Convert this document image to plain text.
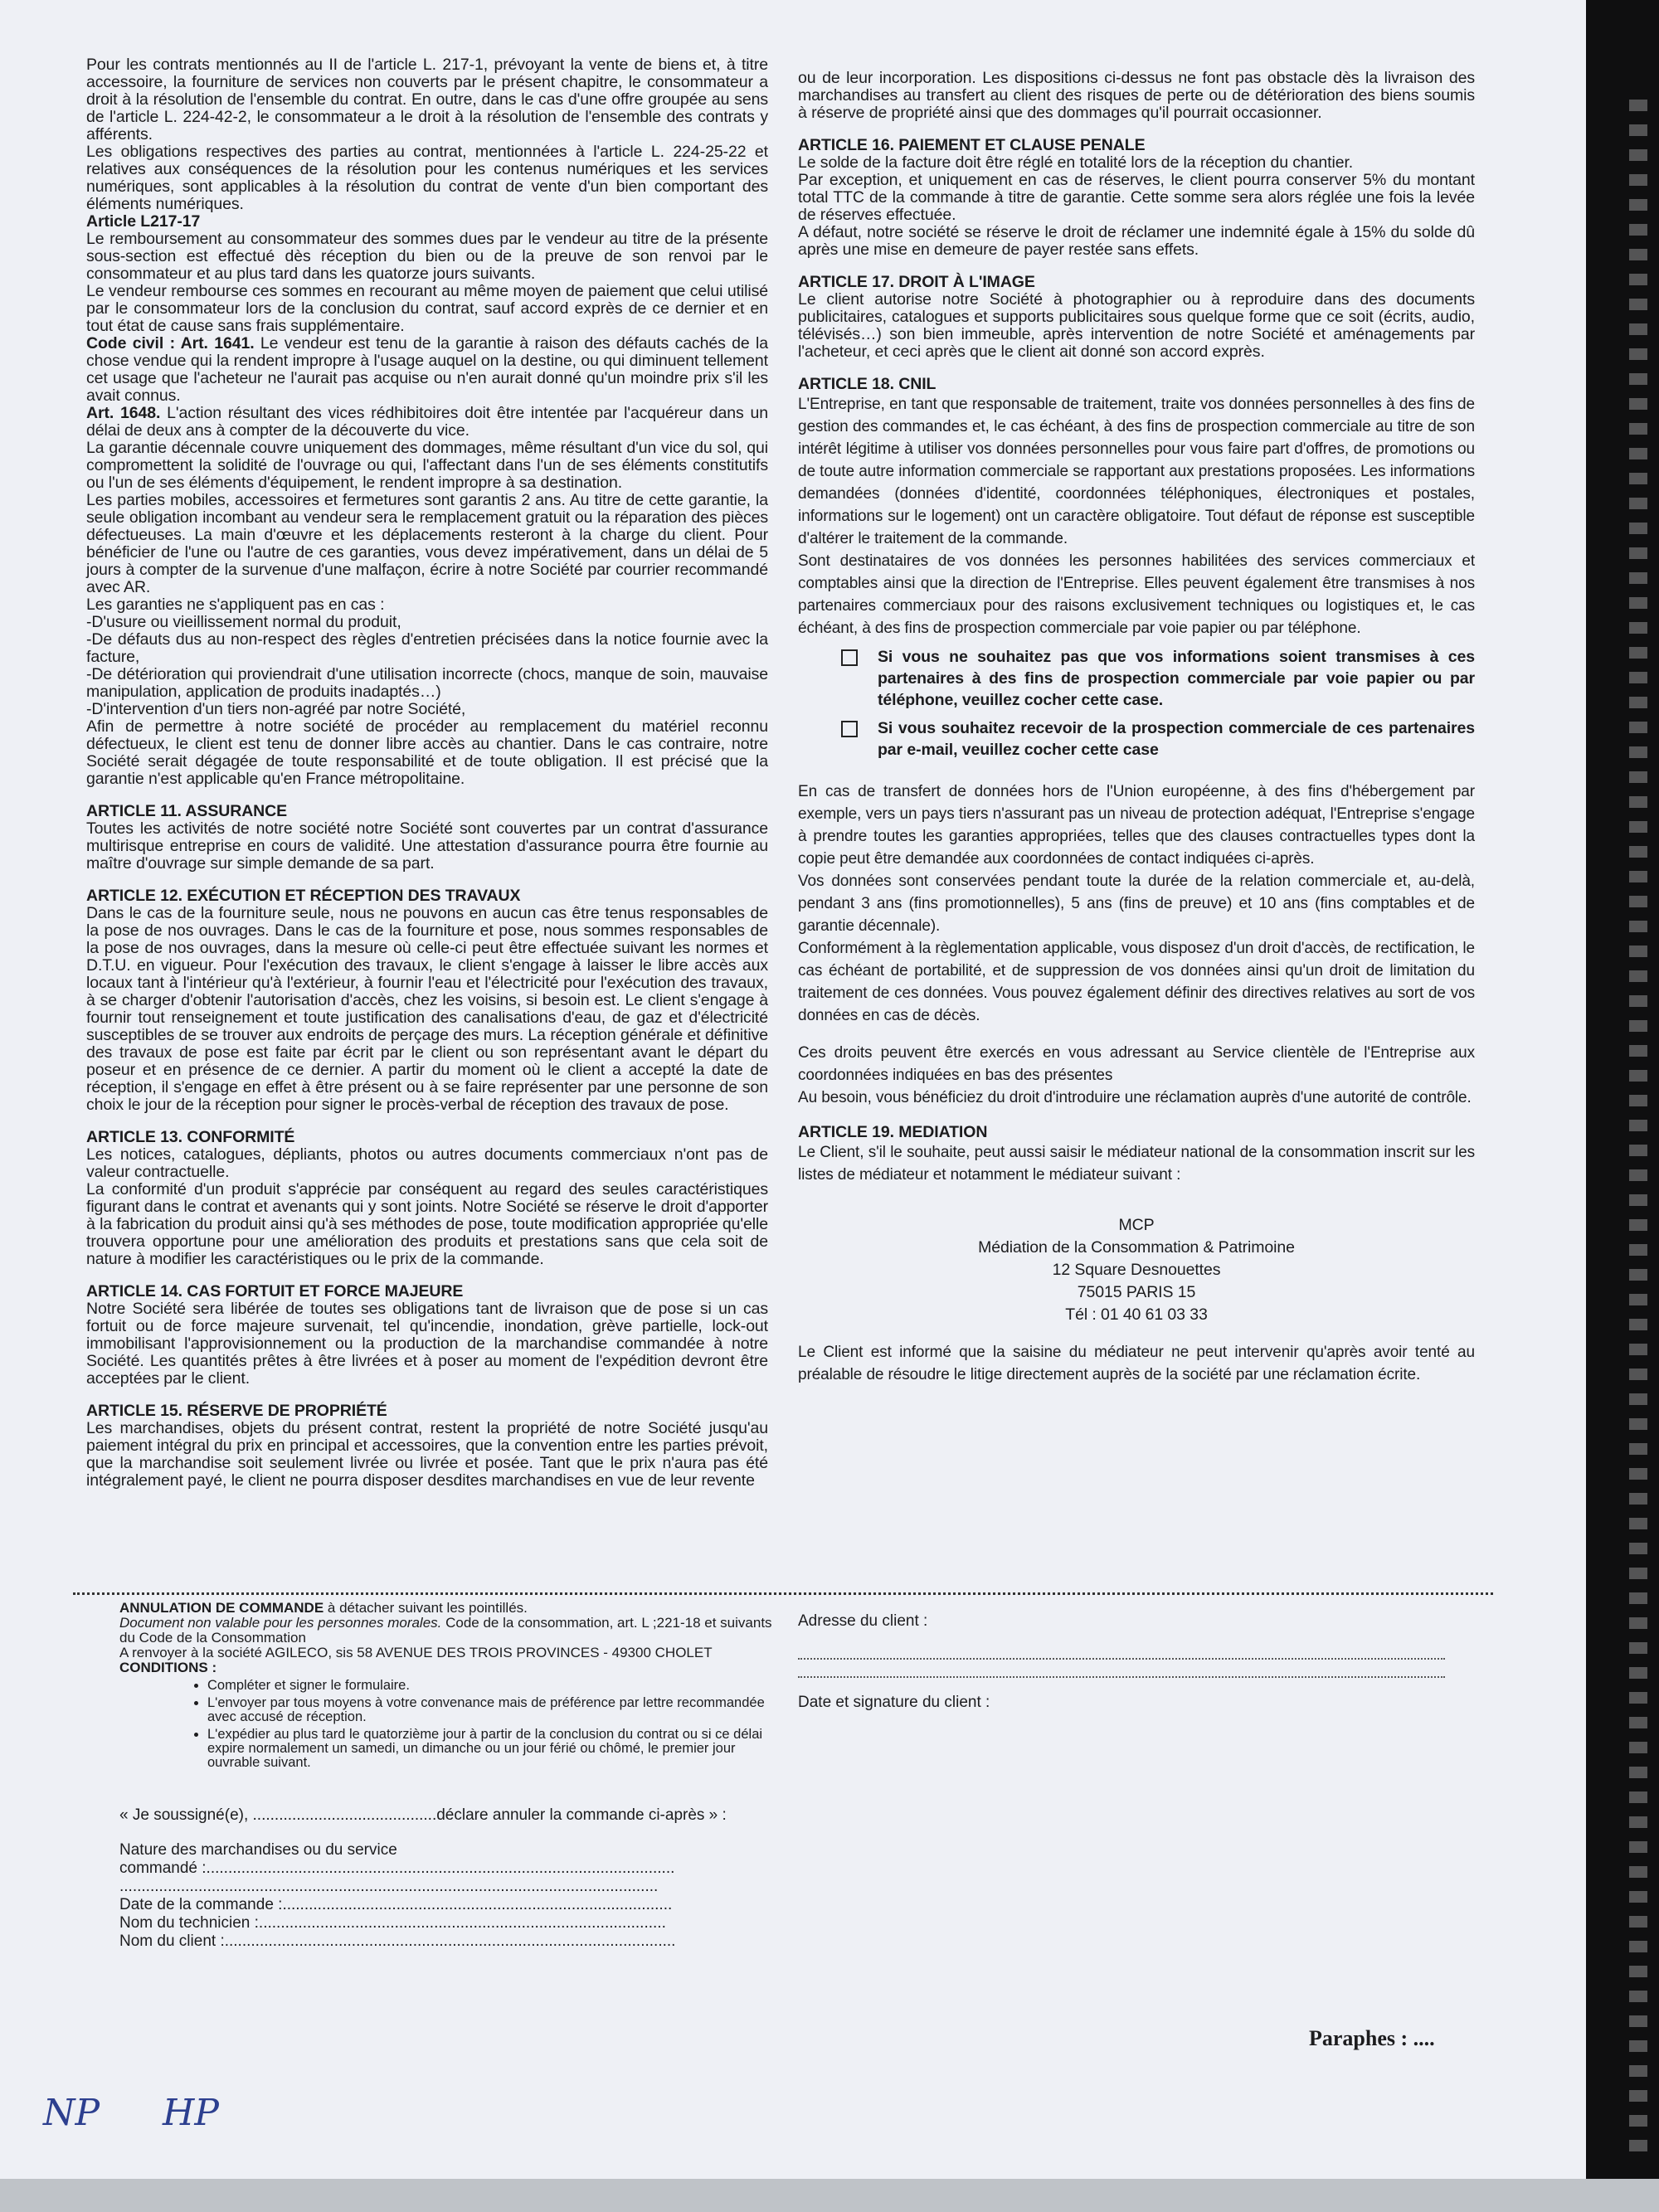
Pour les contrats mentionnés au II de l'article L. 217-1, prévoyant la vente de biens et, à titre accessoire, la fourniture de services non couverts par le présent chapitre, le consommateur a droit à la résolution de l'ensemble du contrat. En outre, dans le cas d'une offre groupée au sens de l'article L. 224-42-2, le consommateur a le droit à la résolution de l'ensemble des contrats y afférents.

Les obligations respectives des parties au contrat, mentionnées à l'article L. 224-25-22 et relatives aux conséquences de la résolution pour les contenus numériques et les services numériques, sont applicables à la résolution du contrat de vente d'un bien comportant des éléments numériques.

Article L217-17

Le remboursement au consommateur des sommes dues par le vendeur au titre de la présente sous-section est effectué dès réception du bien ou de la preuve de son renvoi par le consommateur et au plus tard dans les quatorze jours suivants.

Le vendeur rembourse ces sommes en recourant au même moyen de paiement que celui utilisé par le consommateur lors de la conclusion du contrat, sauf accord exprès de ce dernier et en tout état de cause sans frais supplémentaire.

Code civil : Art. 1641. Le vendeur est tenu de la garantie à raison des défauts cachés de la chose vendue qui la rendent impropre à l'usage auquel on la destine, ou qui diminuent tellement cet usage que l'acheteur ne l'aurait pas acquise ou n'en aurait donné qu'un moindre prix s'il les avait connus.

Art. 1648. L'action résultant des vices rédhibitoires doit être intentée par l'acquéreur dans un délai de deux ans à compter de la découverte du vice.

La garantie décennale couvre uniquement des dommages, même résultant d'un vice du sol, qui compromettent la solidité de l'ouvrage ou qui, l'affectant dans l'un de ses éléments constitutifs ou l'un de ses éléments d'équipement, le rendent impropre à sa destination.

Les parties mobiles, accessoires et fermetures sont garantis 2 ans. Au titre de cette garantie, la seule obligation incombant au vendeur sera le remplacement gratuit ou la réparation des pièces défectueuses. La main d'œuvre et les déplacements resteront à la charge du client. Pour bénéficier de l'une ou l'autre de ces garanties, vous devez impérativement, dans un délai de 5 jours à compter de la survenue d'une malfaçon, écrire à notre Société par courrier recommandé avec AR.

Les garanties ne s'appliquent pas en cas :

-D'usure ou vieillissement normal du produit,

-De défauts dus au non-respect des règles d'entretien précisées dans la notice fournie avec la facture,

-De détérioration qui proviendrait d'une utilisation incorrecte (chocs, manque de soin, mauvaise manipulation, application de produits inadaptés…)

-D'intervention d'un tiers non-agréé par notre Société,

Afin de permettre à notre société de procéder au remplacement du matériel reconnu défectueux, le client est tenu de donner libre accès au chantier. Dans le cas contraire, notre Société serait dégagée de toute responsabilité et de toute obligation. Il est précisé que la garantie n'est applicable qu'en France métropolitaine.

ARTICLE 11. ASSURANCE

Toutes les activités de notre société notre Société sont couvertes par un contrat d'assurance multirisque entreprise en cours de validité. Une attestation d'assurance pourra être fournie au maître d'ouvrage sur simple demande de sa part.

ARTICLE 12. EXÉCUTION ET RÉCEPTION DES TRAVAUX

Dans le cas de la fourniture seule, nous ne pouvons en aucun cas être tenus responsables de la pose de nos ouvrages. Dans le cas de la fourniture et pose, nous sommes responsables de la pose de nos ouvrages, dans la mesure où celle-ci peut être effectuée suivant les normes et D.T.U. en vigueur. Pour l'exécution des travaux, le client s'engage à laisser le libre accès aux locaux tant à l'intérieur qu'à l'extérieur, à fournir l'eau et l'électricité pour l'exécution des travaux, à se charger d'obtenir l'autorisation d'accès, chez les voisins, si besoin est. Le client s'engage à fournir tout renseignement et toute justification des canalisations d'eau, de gaz et d'électricité susceptibles de se trouver aux endroits de perçage des murs. La réception générale et définitive des travaux de pose est faite par écrit par le client ou son représentant avant le départ du poseur et en présence de ce dernier. A partir du moment où le client a accepté la date de réception, il s'engage en effet à être présent ou à se faire représenter par une personne de son choix le jour de la réception pour signer le procès-verbal de réception des travaux de pose.

ARTICLE 13. CONFORMITÉ

Les notices, catalogues, dépliants, photos ou autres documents commerciaux n'ont pas de valeur contractuelle.

La conformité d'un produit s'apprécie par conséquent au regard des seules caractéristiques figurant dans le contrat et avenants qui y sont joints. Notre Société se réserve le droit d'apporter à la fabrication du produit ainsi qu'à ses méthodes de pose, toute modification appropriée qu'elle trouvera opportune pour une amélioration des produits et prestations sans que cela soit de nature à modifier les caractéristiques ou le prix de la commande.

ARTICLE 14. CAS FORTUIT ET FORCE MAJEURE

Notre Société sera libérée de toutes ses obligations tant de livraison que de pose si un cas fortuit ou de force majeure survenait, tel qu'incendie, inondation, grève partielle, lock-out immobilisant l'approvisionnement ou la production de la marchandise commandée à notre Société. Les quantités prêtes à être livrées et à poser au moment de l'expédition devront être acceptées par le client.

ARTICLE 15. RÉSERVE DE PROPRIÉTÉ

Les marchandises, objets du présent contrat, restent la propriété de notre Société jusqu'au paiement intégral du prix en principal et accessoires, que la convention entre les parties prévoit, que la marchandise soit seulement livrée ou livrée et posée. Tant que le prix n'aura pas été intégralement payé, le client ne pourra disposer desdites marchandises en vue de leur revente

ou de leur incorporation. Les dispositions ci-dessus ne font pas obstacle dès la livraison des marchandises au transfert au client des risques de perte ou de détérioration des biens soumis à réserve de propriété ainsi que des dommages qu'il pourrait occasionner.

ARTICLE 16. PAIEMENT ET CLAUSE PENALE

Le solde de la facture doit être réglé en totalité lors de la réception du chantier.

Par exception, et uniquement en cas de réserves, le client pourra conserver 5% du montant total TTC de la commande à titre de garantie. Cette somme sera alors réglée une fois la levée de réserves effectuée.

A défaut, notre société se réserve le droit de réclamer une indemnité égale à 15% du solde dû après une mise en demeure de payer restée sans effets.

ARTICLE 17. DROIT À L'IMAGE

Le client autorise notre Société à photographier ou à reproduire dans des documents publicitaires, catalogues et supports publicitaires sous quelque forme que ce soit (écrits, audio, télévisés…) son bien immeuble, après intervention de notre Société et aménagements par l'acheteur, et ceci après que le client ait donné son accord exprès.

ARTICLE 18. CNIL

L'Entreprise, en tant que responsable de traitement, traite vos données personnelles à des fins de gestion des commandes et, le cas échéant, à des fins de prospection commerciale au titre de son intérêt légitime à utiliser vos données personnelles pour vous faire part d'offres, de promotions ou de toute autre information commerciale se rapportant aux prestations proposées. Les informations demandées (données d'identité, coordonnées téléphoniques, électroniques et postales, informations sur le logement) ont un caractère obligatoire. Tout défaut de réponse est susceptible d'altérer le traitement de la commande.

Sont destinataires de vos données les personnes habilitées des services commerciaux et comptables ainsi que la direction de l'Entreprise. Elles peuvent également être transmises à nos partenaires commerciaux pour des raisons exclusivement techniques ou logistiques et, le cas échéant, à des fins de prospection commerciale par voie papier ou par téléphone.

Si vous ne souhaitez pas que vos informations soient transmises à ces partenaires à des fins de prospection commerciale par voie papier ou par téléphone, veuillez cocher cette case.
Si vous souhaitez recevoir de la prospection commerciale de ces partenaires par e-mail, veuillez cocher cette case

En cas de transfert de données hors de l'Union européenne, à des fins d'hébergement par exemple, vers un pays tiers n'assurant pas un niveau de protection adéquat, l'Entreprise s'engage à prendre toutes les garanties appropriées, telles que des clauses contractuelles types dont la copie peut être demandée aux coordonnées de contact indiquées ci-après.

Vos données sont conservées pendant toute la durée de la relation commerciale et, au-delà, pendant 3 ans (fins promotionnelles), 5 ans (fins de preuve) et 10 ans (fins comptables et de garantie décennale).

Conformément à la règlementation applicable, vous disposez d'un droit d'accès, de rectification, le cas échéant de portabilité, et de suppression de vos données ainsi qu'un droit de limitation du traitement de ces données. Vous pouvez également définir des directives relatives au sort de vos données en cas de décès.

Ces droits peuvent être exercés en vous adressant au Service clientèle de l'Entreprise aux coordonnées indiquées en bas des présentes

Au besoin, vous bénéficiez du droit d'introduire une réclamation auprès d'une autorité de contrôle.

ARTICLE 19. MEDIATION

Le Client, s'il le souhaite, peut aussi saisir le médiateur national de la consommation inscrit sur les listes de médiateur et notamment le médiateur suivant :

MCP
Médiation de la Consommation & Patrimoine
12 Square Desnouettes
75015 PARIS 15
Tél : 01 40 61 03 33

Le Client est informé que la saisine du médiateur ne peut intervenir qu'après avoir tenté au préalable de résoudre le litige directement auprès de la société par une réclamation écrite.

ANNULATION DE COMMANDE à détacher suivant les pointillés.

Document non valable pour les personnes morales. Code de la consommation, art. L ;221-18 et suivants du Code de la Consommation

A renvoyer à la société AGILECO, sis 58 AVENUE DES TROIS PROVINCES - 49300 CHOLET

CONDITIONS :

• Compléter et signer le formulaire.
• L'envoyer par tous moyens à votre convenance mais de préférence par lettre recommandée avec accusé de réception.
• L'expédier au plus tard le quatorzième jour à partir de la conclusion du contrat ou si ce délai expire normalement un samedi, un dimanche ou un jour férié ou chômé, le premier jour ouvrable suivant.

« Je soussigné(e), ..........................................déclare annuler la commande ci-après » :

Nature des marchandises ou du service

commandé :...........................................................................................................

...........................................................................................................................

Date de la commande :.........................................................................................

Nom du technicien :.............................................................................................

Nom du client :.......................................................................................................

Adresse du client :

Date et signature du client :

Paraphes : ....
NP HP
